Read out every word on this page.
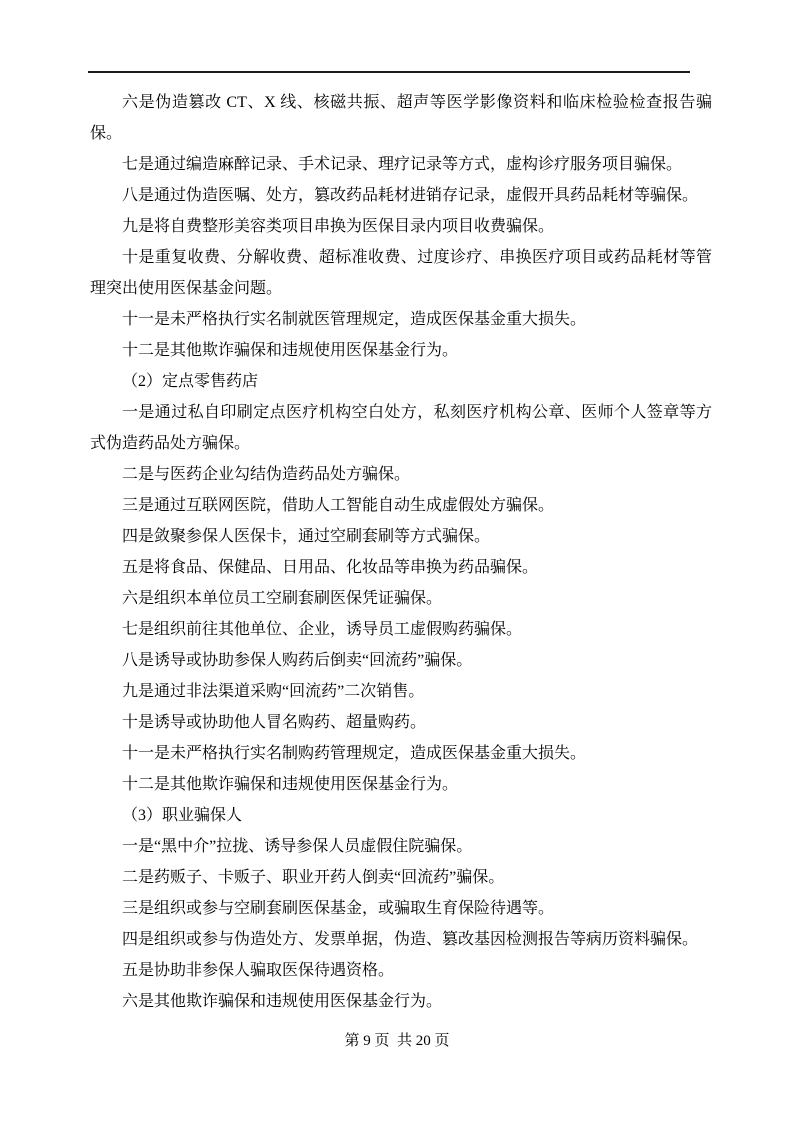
六是伪造篡改 CT、X 线、核磁共振、超声等医学影像资料和临床检验检查报告骗保。

七是通过编造麻醉记录、手术记录、理疗记录等方式，虚构诊疗服务项目骗保。

八是通过伪造医嘱、处方，篡改药品耗材进销存记录，虚假开具药品耗材等骗保。

九是将自费整形美容类项目串换为医保目录内项目收费骗保。

十是重复收费、分解收费、超标准收费、过度诊疗、串换医疗项目或药品耗材等管理突出使用医保基金问题。

十一是未严格执行实名制就医管理规定，造成医保基金重大损失。

十二是其他欺诈骗保和违规使用医保基金行为。

（2）定点零售药店

一是通过私自印刷定点医疗机构空白处方，私刻医疗机构公章、医师个人签章等方式伪造药品处方骗保。

二是与医药企业勾结伪造药品处方骗保。

三是通过互联网医院，借助人工智能自动生成虚假处方骗保。

四是敛聚参保人医保卡，通过空刷套刷等方式骗保。

五是将食品、保健品、日用品、化妆品等串换为药品骗保。

六是组织本单位员工空刷套刷医保凭证骗保。

七是组织前往其他单位、企业，诱导员工虚假购药骗保。

八是诱导或协助参保人购药后倒卖“回流药”骗保。

九是通过非法渠道采购“回流药”二次销售。

十是诱导或协助他人冒名购药、超量购药。

十一是未严格执行实名制购药管理规定，造成医保基金重大损失。

十二是其他欺诈骗保和违规使用医保基金行为。

（3）职业骗保人

一是“黑中介”拉拢、诱导参保人员虚假住院骗保。

二是药贩子、卡贩子、职业开药人倒卖“回流药”骗保。

三是组织或参与空刷套刷医保基金，或骗取生育保险待遇等。

四是组织或参与伪造处方、发票单据，伪造、篡改基因检测报告等病历资料骗保。

五是协助非参保人骗取医保待遇资格。

六是其他欺诈骗保和违规使用医保基金行为。

第 9 页  共 20 页
